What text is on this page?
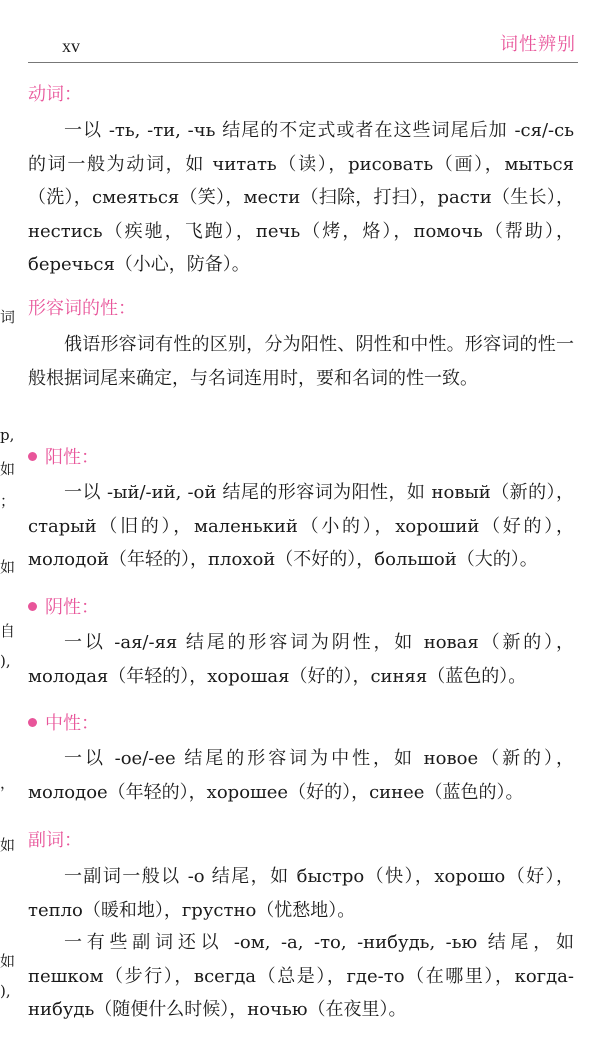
xv	词性辨别
词
р,
如
；
如
自
),
，
如
如
),
动词：
一以 -ть, -ти, -чь 结尾的不定式或者在这些词尾后加 -ся/-сь 的词一般为动词，如 читать（读），рисовать（画），мыться（洗），смеяться（笑），мести（扫除，打扫），расти（生长），нестись（疾驰，飞跑），печь（烤，烙），помочь（帮助），беречься（小心，防备）。
形容词的性：
俄语形容词有性的区别，分为阳性、阴性和中性。形容词的性一般根据词尾来确定，与名词连用时，要和名词的性一致。
阳性：
一以 -ый/-ий, -ой 结尾的形容词为阳性，如 новый（新的），старый（旧的），маленький（小的），хороший（好的），молодой（年轻的），плохой（不好的），большой（大的）。
阴性：
一以 -ая/-яя 结尾的形容词为阴性，如 новая（新的），молодая（年轻的），хорошая（好的），синяя（蓝色的）。
中性：
一以 -ое/-ее 结尾的形容词为中性，如 новое（新的），молодое（年轻的），хорошее（好的），синее（蓝色的）。
副词：
一副词一般以 -о 结尾，如 быстро（快），хорошо（好），тепло（暖和地），грустно（忧愁地）。
一有些副词还以 -ом, -а, -то, -нибудь, -ью 结尾，如 пешком（步行），всегда（总是），где-то（在哪里），когда-нибудь（随便什么时候），ночью（在夜里）。
